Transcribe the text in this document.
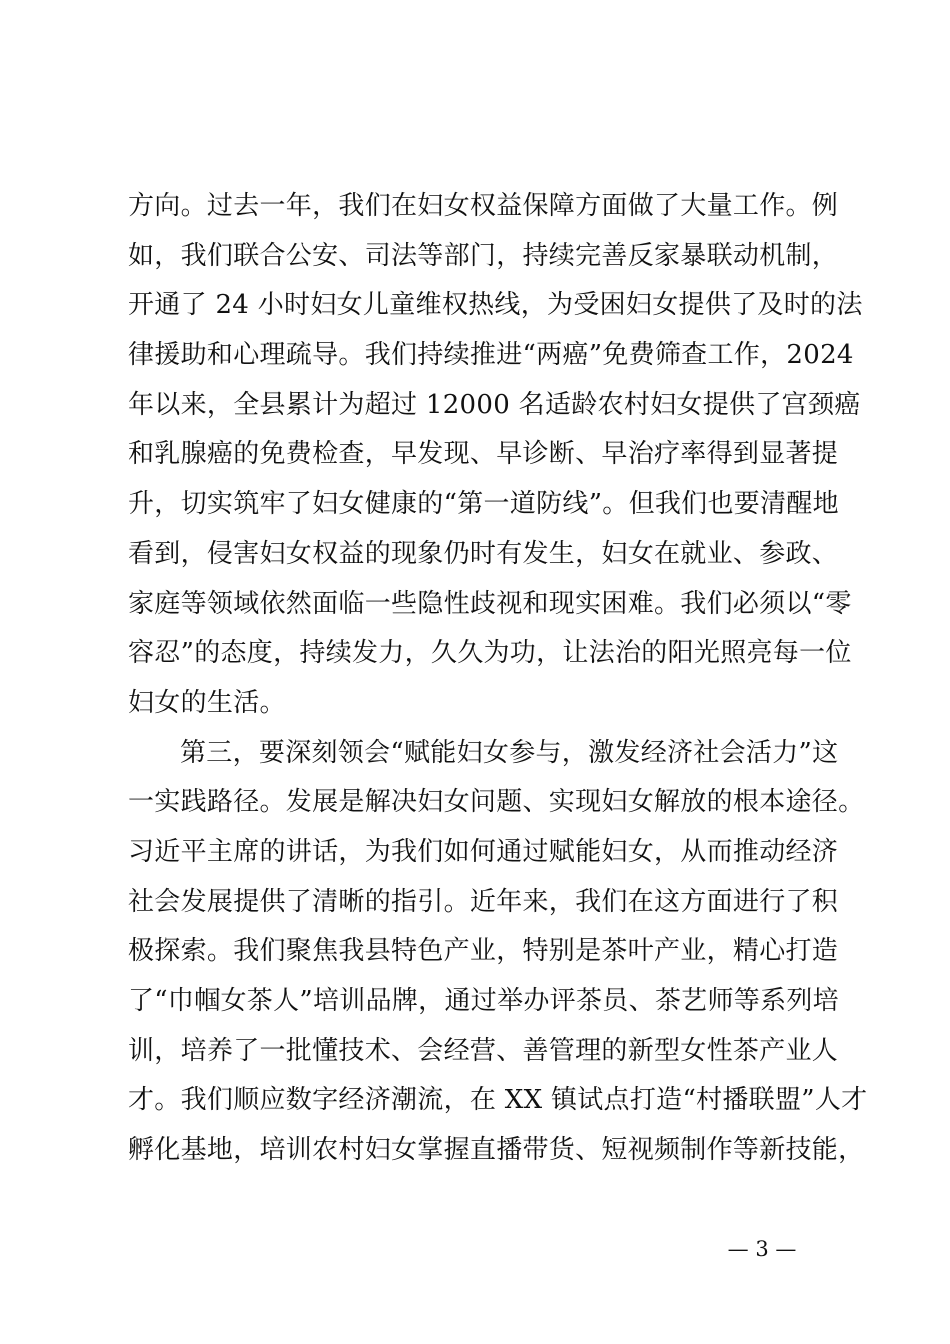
方向。过去一年，我们在妇女权益保障方面做了大量工作。例
如，我们联合公安、司法等部门，持续完善反家暴联动机制，
开通了 24 小时妇女儿童维权热线，为受困妇女提供了及时的法
律援助和心理疏导。我们持续推进“两癌”免费筛查工作，2024
年以来，全县累计为超过 12000 名适龄农村妇女提供了宫颈癌
和乳腺癌的免费检查，早发现、早诊断、早治疗率得到显著提
升，切实筑牢了妇女健康的“第一道防线”。但我们也要清醒地
看到，侵害妇女权益的现象仍时有发生，妇女在就业、参政、
家庭等领域依然面临一些隐性歧视和现实困难。我们必须以“零
容忍”的态度，持续发力，久久为功，让法治的阳光照亮每一位
妇女的生活。
第三，要深刻领会“赋能妇女参与，激发经济社会活力”这
一实践路径。发展是解决妇女问题、实现妇女解放的根本途径。
习近平主席的讲话，为我们如何通过赋能妇女，从而推动经济
社会发展提供了清晰的指引。近年来，我们在这方面进行了积
极探索。我们聚焦我县特色产业，特别是茶叶产业，精心打造
了“巾帼女茶人”培训品牌，通过举办评茶员、茶艺师等系列培
训，培养了一批懂技术、会经营、善管理的新型女性茶产业人
才。我们顺应数字经济潮流，在 XX 镇试点打造“村播联盟”人才
孵化基地，培训农村妇女掌握直播带货、短视频制作等新技能，
— 3 —
